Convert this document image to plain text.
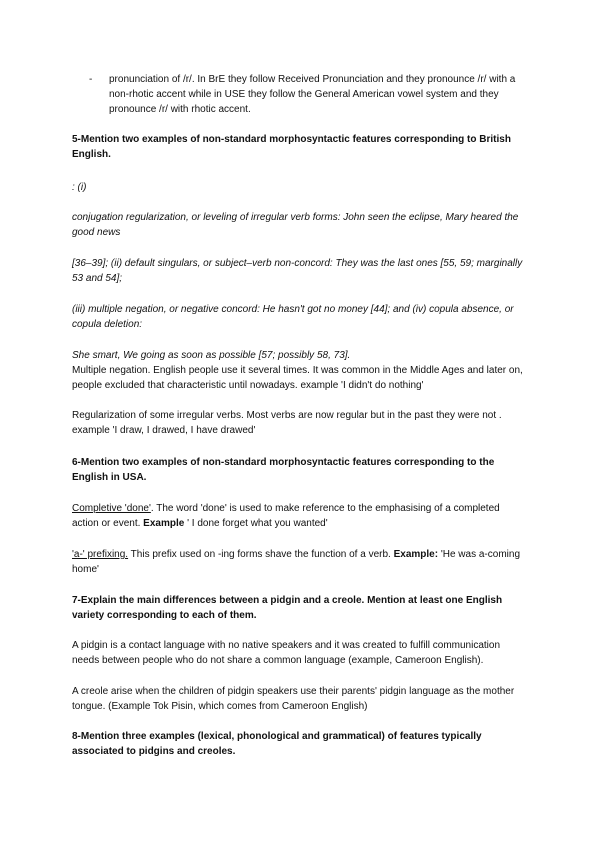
- pronunciation of /r/. In BrE they follow Received Pronunciation and they pronounce /r/ with a non-rhotic accent while in USE they follow the General American vowel system and they pronounce /r/ with rhotic accent.

5-Mention two examples of non-standard morphosyntactic features corresponding to British English.

: (i)

conjugation regularization, or leveling of irregular verb forms: John seen the eclipse, Mary heared the good news

[36–39]; (ii) default singulars, or subject–verb non-concord: They was the last ones [55, 59; marginally 53 and 54];

(iii) multiple negation, or negative concord: He hasn't got no money [44]; and (iv) copula absence, or copula deletion:

She smart, We going as soon as possible [57; possibly 58, 73].
Multiple negation. English people use it several times. It was common in the Middle Ages and later on, people excluded that characteristic until nowadays. example 'I didn't do nothing'

Regularization of some irregular verbs. Most verbs are now regular but in the past they were not . example 'I draw, I drawed, I have drawed'

6-Mention two examples of non-standard morphosyntactic features corresponding to the English in USA.

Completive 'done'. The word 'done' is used to make reference to the emphasising of a completed action or event. Example ' I done forget what you wanted'

'a-' prefixing. This prefix used on -ing forms shave the function of a verb. Example: 'He was a-coming home'

7-Explain the main differences between a pidgin and a creole. Mention at least one English variety corresponding to each of them.

A pidgin is a contact language with no native speakers and it was created to fulfill communication needs between people who do not share a common language (example, Cameroon English).

A creole arise when the children of pidgin speakers use their parents' pidgin language as the mother tongue. (Example Tok Pisin, which comes from Cameroon English)

8-Mention three examples (lexical, phonological and grammatical) of features typically associated to pidgins and creoles.
